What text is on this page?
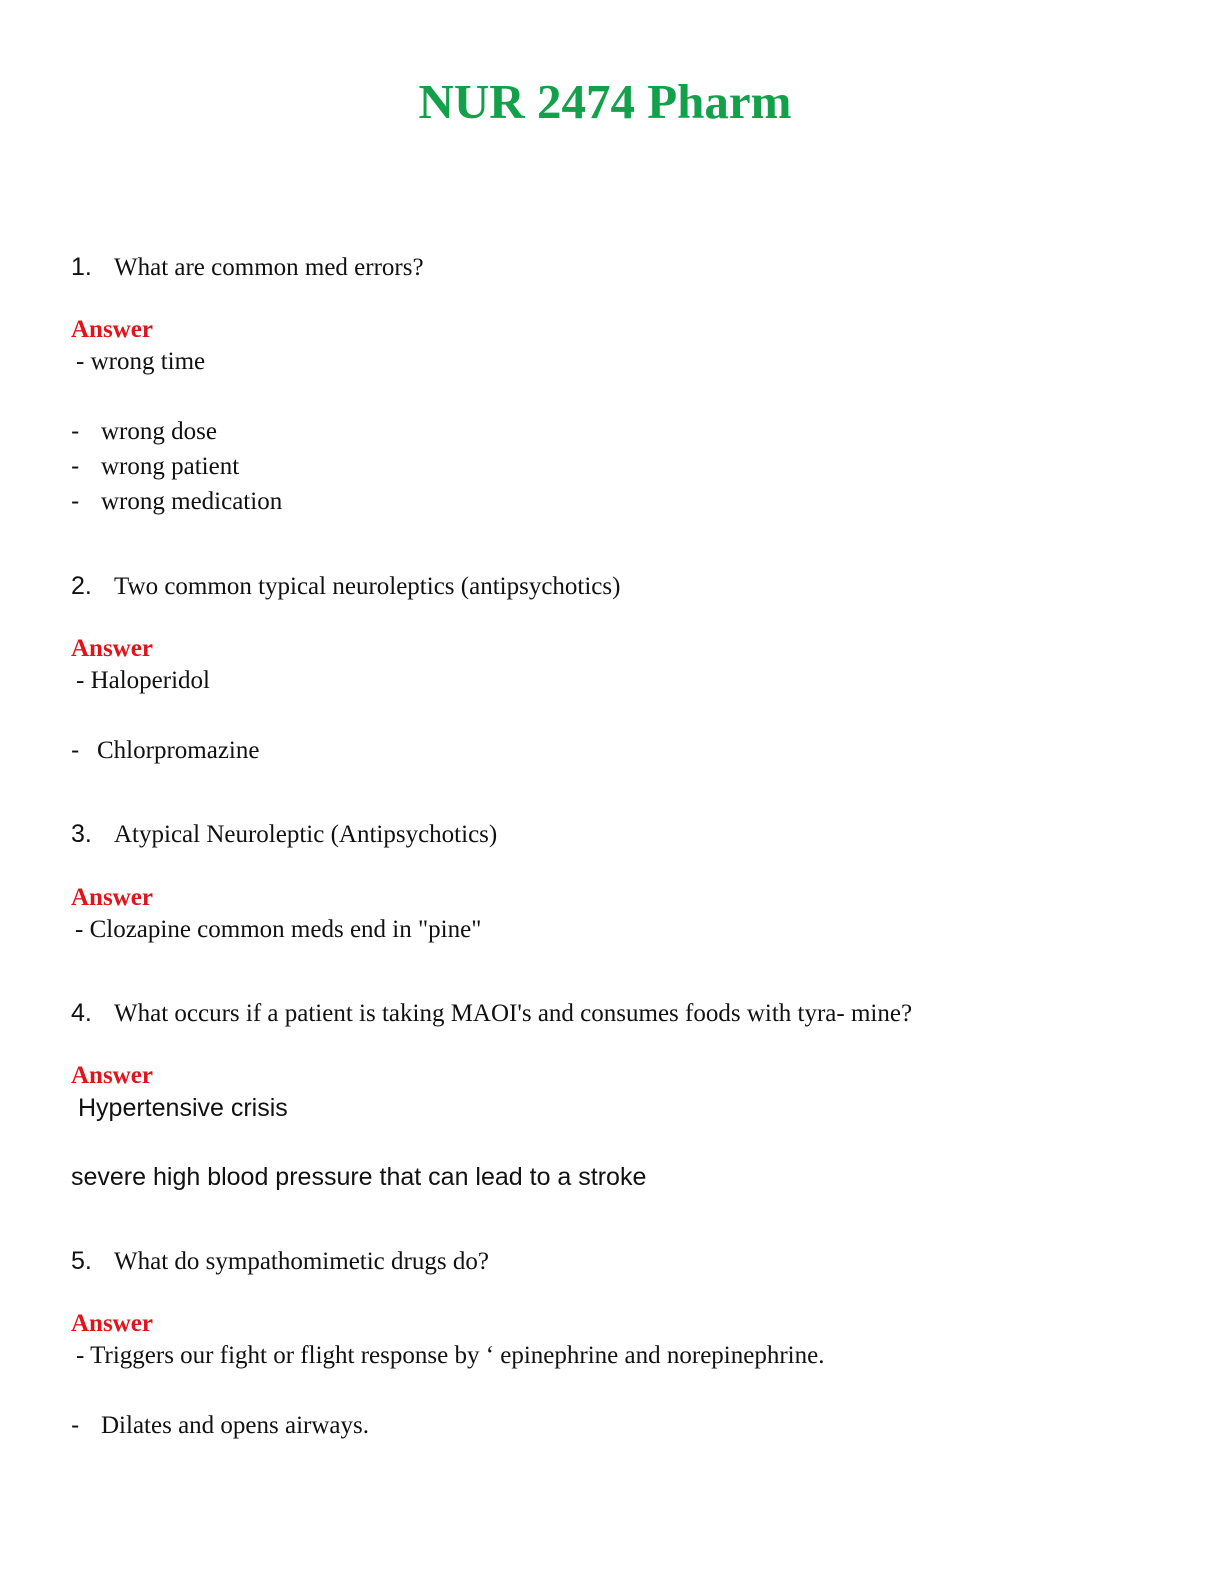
NUR 2474 Pharm
1. What are common med errors?
Answer
- wrong time
- wrong dose
- wrong patient
- wrong medication
2. Two common typical neuroleptics (antipsychotics)
Answer
- Haloperidol
- Chlorpromazine
3. Atypical Neuroleptic (Antipsychotics)
Answer
- Clozapine common meds end in "pine"
4. What occurs if a patient is taking MAOI's and consumes foods with tyra- mine?
Answer
Hypertensive crisis
severe high blood pressure that can lead to a stroke
5. What do sympathomimetic drugs do?
Answer
- Triggers our fight or flight response by ‘ epinephrine and norepinephrine.
- Dilates and opens airways.
